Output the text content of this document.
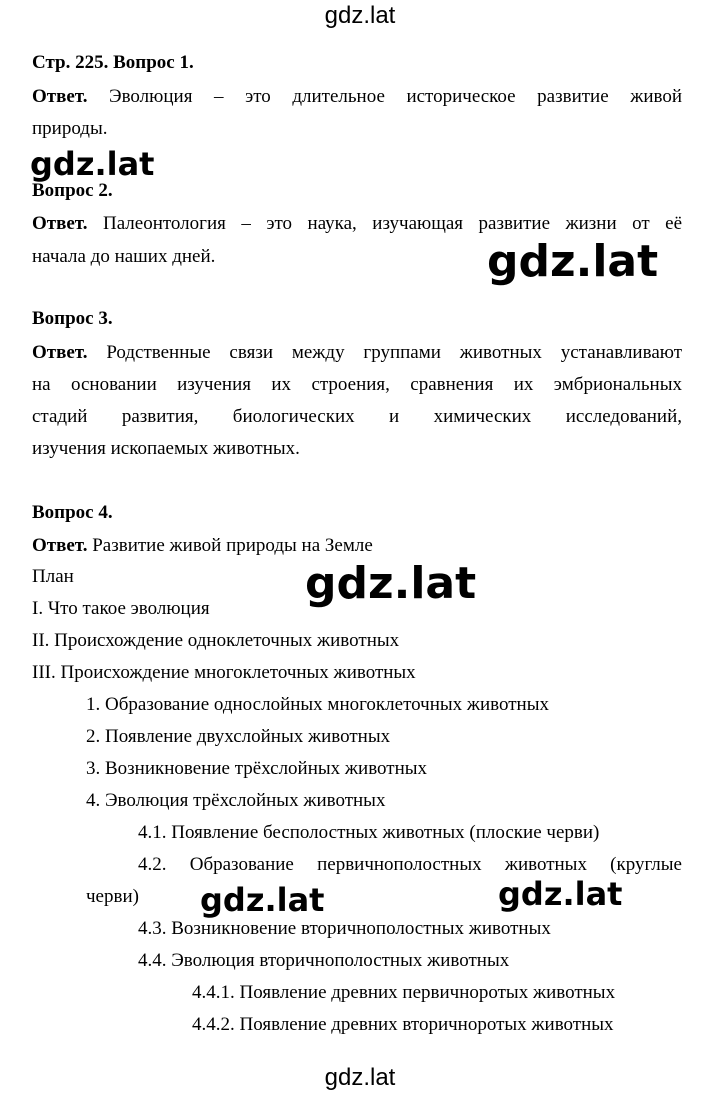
gdz.lat
gdz.lat
Стр. 225. Вопрос 1.
Ответ. Эволюция – это длительное историческое развитие живой
природы.
Вопрос 2.
Ответ. Палеонтология – это наука, изучающая развитие жизни от её
начала до наших дней.
Вопрос 3.
Ответ. Родственные связи между группами животных устанавливают
на основании изучения их строения, сравнения их эмбриональных
стадий развития, биологических и химических исследований,
изучения ископаемых животных.
Вопрос 4.
Ответ. Развитие живой природы на Земле
План
I. Что такое эволюция
II. Происхождение одноклеточных животных
III. Происхождение многоклеточных животных
1. Образование однослойных многоклеточных животных
2. Появление двухслойных животных
3. Возникновение трёхслойных животных
4. Эволюция трёхслойных животных
4.1. Появление бесполостных животных (плоские черви)
4.2. Образование первичнополостных животных (круглые
черви)
4.3. Возникновение вторичнополостных животных
4.4. Эволюция вторичнополостных животных
4.4.1. Появление древних первичноротых животных
4.4.2. Появление древних вторичноротых животных
gdz.lat
gdz.lat
gdz.lat
gdz.lat	gdz.lat
